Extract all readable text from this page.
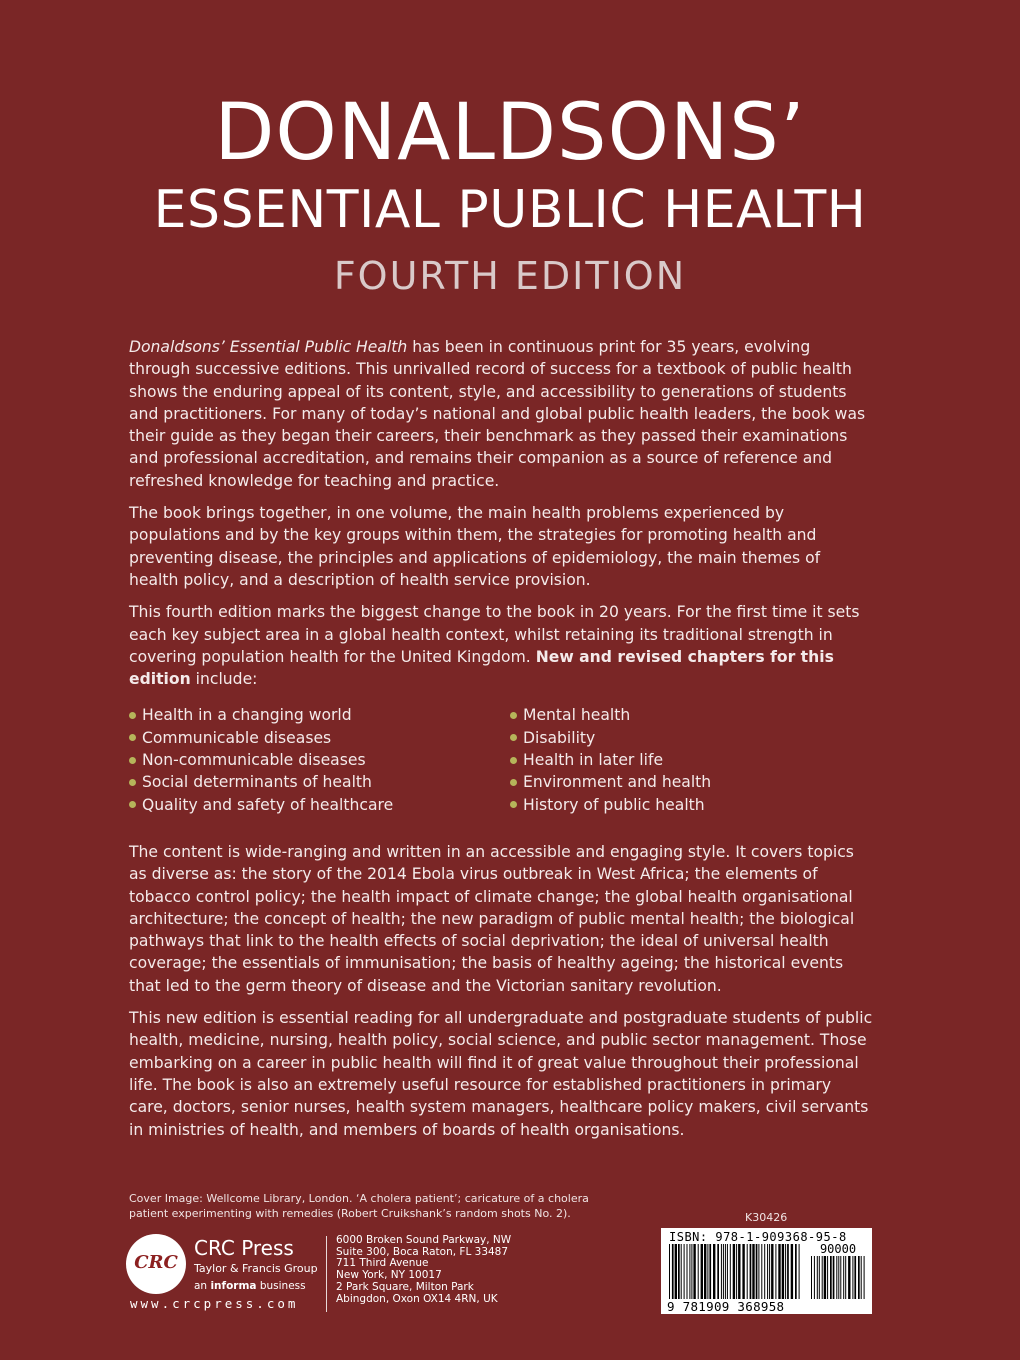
DONALDSONS’
ESSENTIAL PUBLIC HEALTH
FOURTH EDITION

Donaldsons’ Essential Public Health has been in continuous print for 35 years, evolving through successive editions. This unrivalled record of success for a textbook of public health shows the enduring appeal of its content, style, and accessibility to generations of students and practitioners. For many of today’s national and global public health leaders, the book was their guide as they began their careers, their benchmark as they passed their examinations and professional accreditation, and remains their companion as a source of reference and refreshed knowledge for teaching and practice.

The book brings together, in one volume, the main health problems experienced by populations and by the key groups within them, the strategies for promoting health and preventing disease, the principles and applications of epidemiology, the main themes of health policy, and a description of health service provision.

This fourth edition marks the biggest change to the book in 20 years. For the first time it sets each key subject area in a global health context, whilst retaining its traditional strength in covering population health for the United Kingdom. New and revised chapters for this edition include:

Health in a changing world
Communicable diseases
Non-communicable diseases
Social determinants of health
Quality and safety of healthcare
Mental health
Disability
Health in later life
Environment and health
History of public health

The content is wide-ranging and written in an accessible and engaging style. It covers topics as diverse as: the story of the 2014 Ebola virus outbreak in West Africa; the elements of tobacco control policy; the health impact of climate change; the global health organisational architecture; the concept of health; the new paradigm of public mental health; the biological pathways that link to the health effects of social deprivation; the ideal of universal health coverage; the essentials of immunisation; the basis of healthy ageing; the historical events that led to the germ theory of disease and the Victorian sanitary revolution.

This new edition is essential reading for all undergraduate and postgraduate students of public health, medicine, nursing, health policy, social science, and public sector management. Those embarking on a career in public health will find it of great value throughout their professional life. The book is also an extremely useful resource for established practitioners in primary care, doctors, senior nurses, health system managers, healthcare policy makers, civil servants in ministries of health, and members of boards of health organisations.

Cover Image: Wellcome Library, London. ‘A cholera patient’; caricature of a cholera
patient experimenting with remedies (Robert Cruikshank’s random shots No. 2).
CRC
CRC Press
Taylor & Francis Group
an informa business
www.crcpress.com
6000 Broken Sound Parkway, NW
Suite 300, Boca Raton, FL 33487
711 Third Avenue
New York, NY 10017
2 Park Square, Milton Park
Abingdon, Oxon OX14 4RN, UK
K30426
ISBN: 978-1-909368-95-8
90000
9 781909 368958
